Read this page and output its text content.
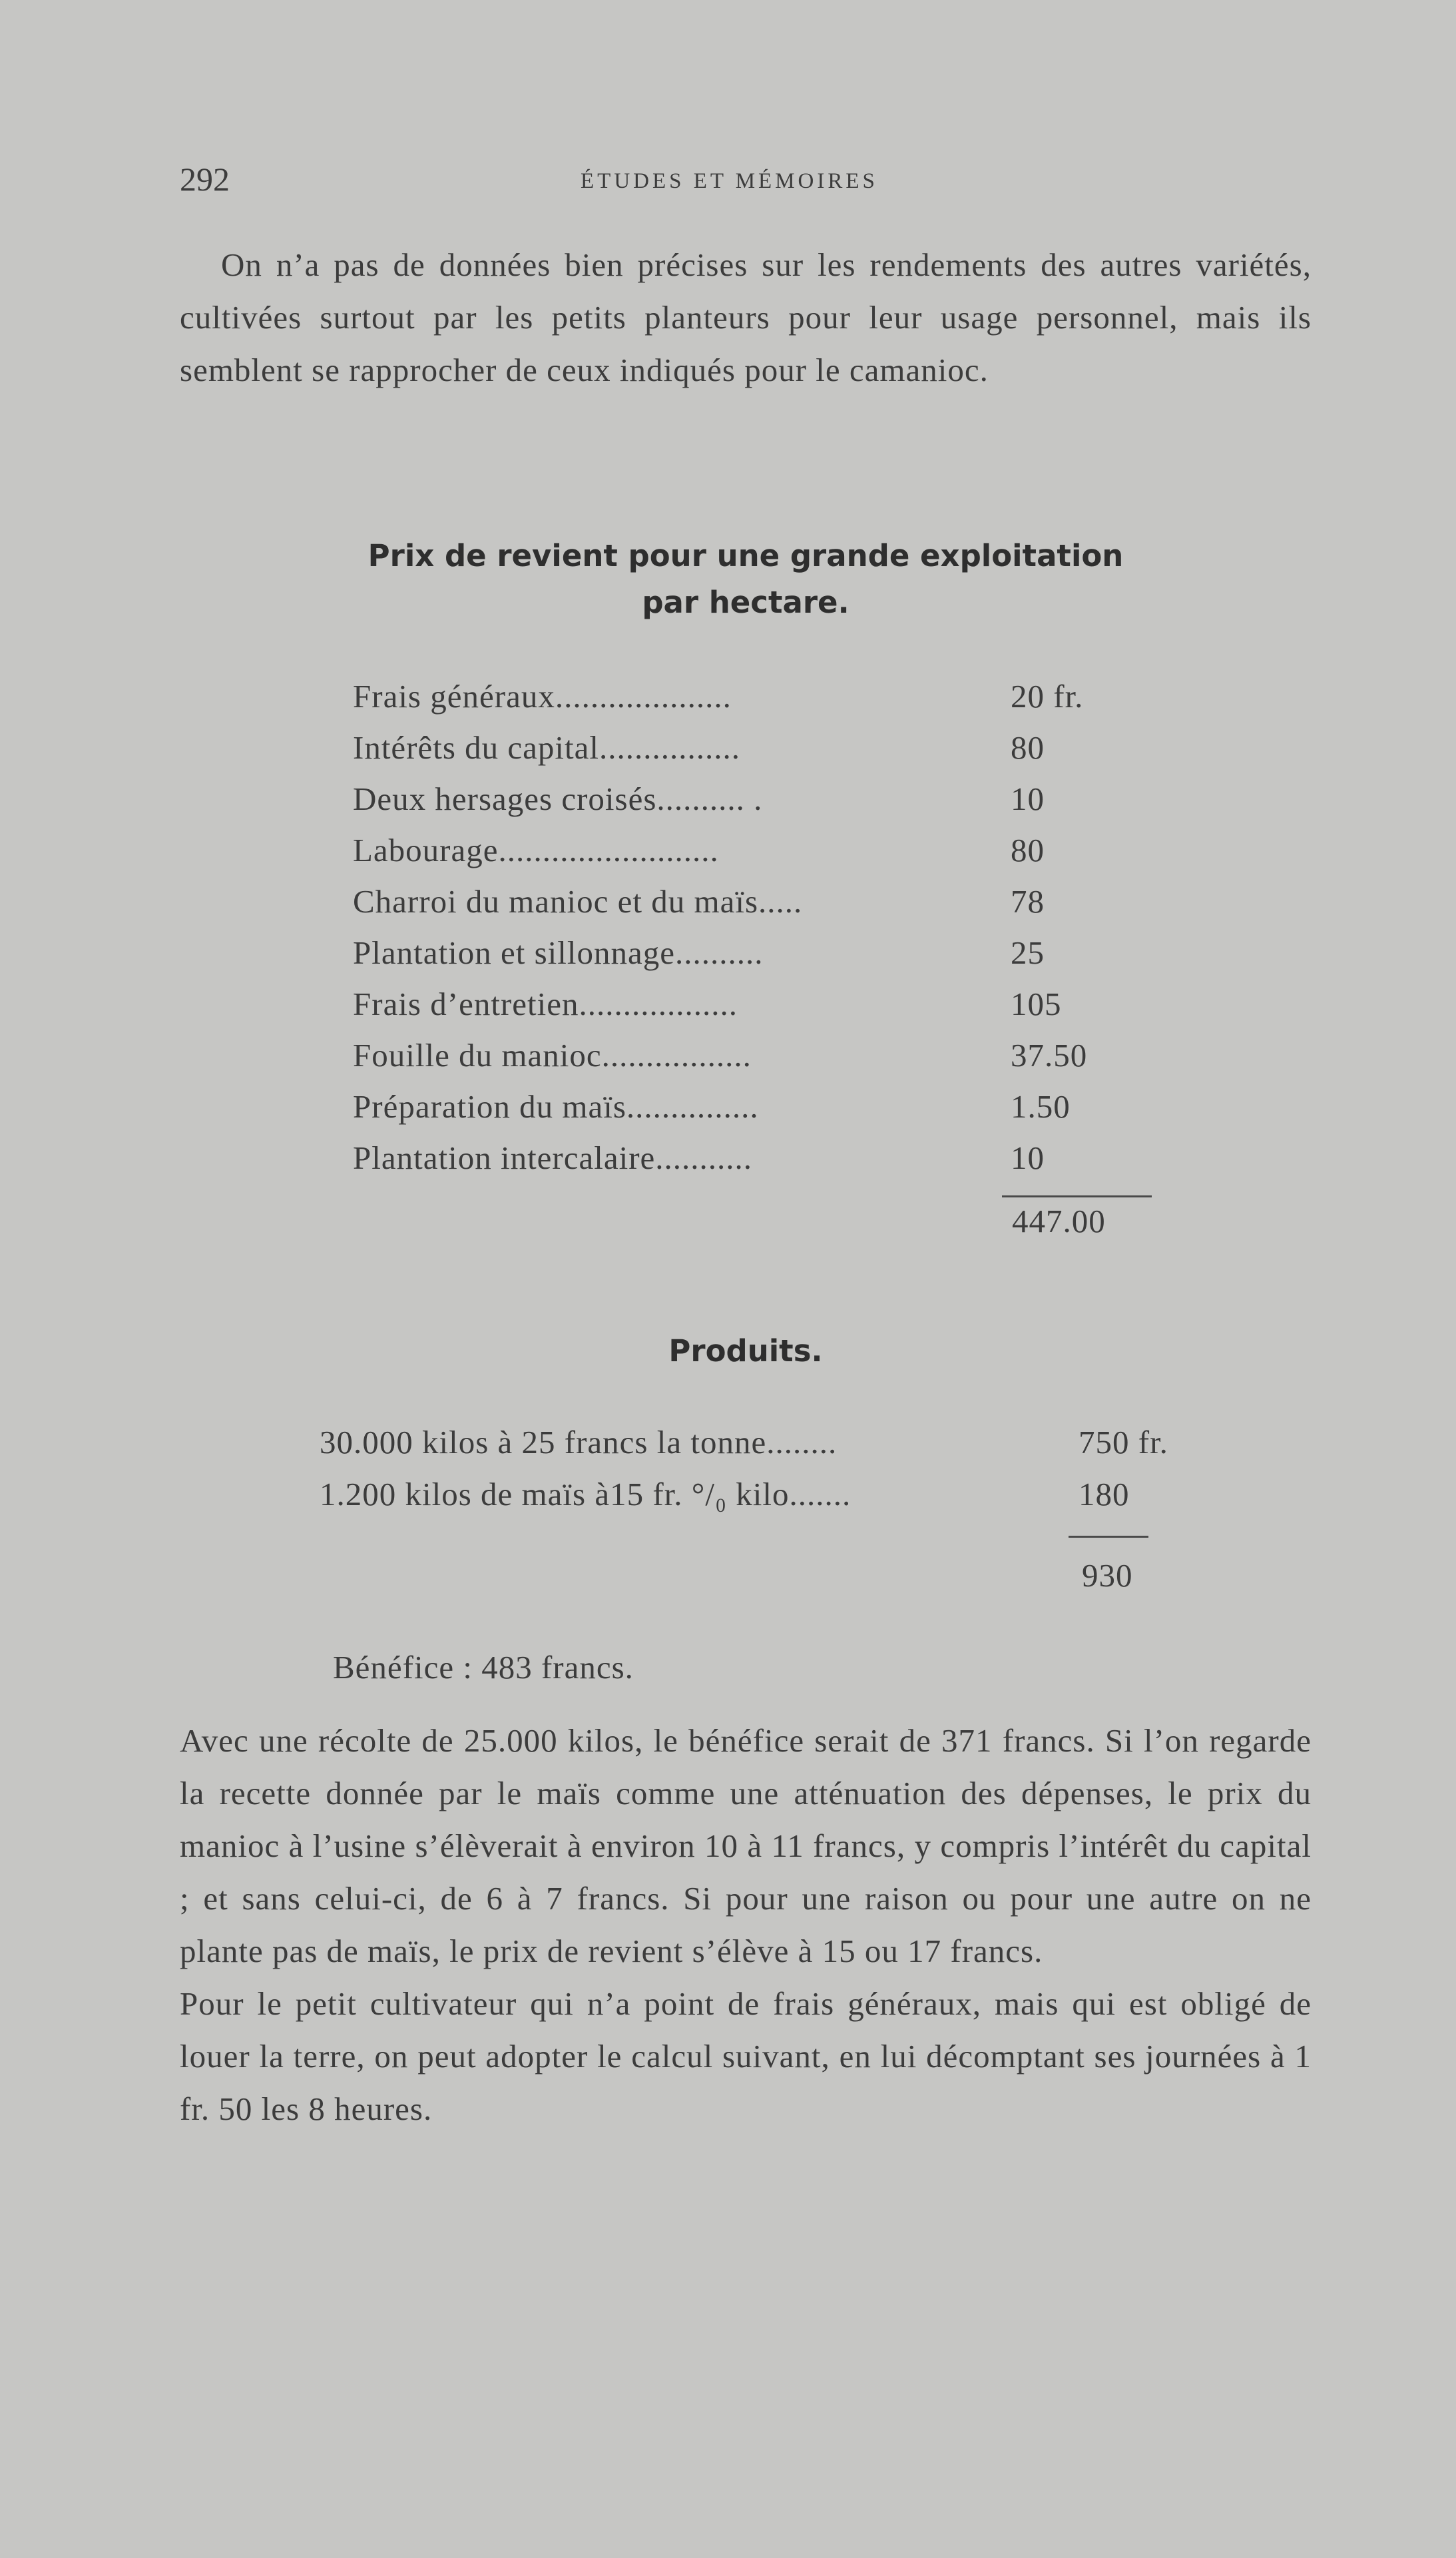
292	ÉTUDES ET MÉMOIRES

On n’a pas de données bien précises sur les rendements des autres variétés, cultivées surtout par les petits planteurs pour leur usage personnel, mais ils semblent se rapprocher de ceux indiqués pour le camanioc.

Prix de revient pour une grande exploitation
par hectare.
Frais généraux....................	20 fr.
Intérêts du capital................	80
Deux hersages croisés.......... .	10
Labourage.........................	80
Charroi du manioc et du maïs.....	78
Plantation et sillonnage..........	25
Frais d’entretien..................	105
Fouille du manioc.................	37.50
Préparation du maïs...............	1.50
Plantation intercalaire...........	10
447.00
Produits.
30.000 kilos à 25 francs la tonne........	750 fr.
1.200 kilos de maïs à15 fr. °/₀ kilo.......	180
930
Bénéfice : 483 francs.

Avec une récolte de 25.000 kilos, le bénéfice serait de 371 francs. Si l’on regarde la recette donnée par le maïs comme une atténuation des dépenses, le prix du manioc à l’usine s’élèverait à environ 10 à 11 francs, y compris l’intérêt du capital ; et sans celui-ci, de 6 à 7 francs. Si pour une raison ou pour une autre on ne plante pas de maïs, le prix de revient s’élève à 15 ou 17 francs.

Pour le petit cultivateur qui n’a point de frais généraux, mais qui est obligé de louer la terre, on peut adopter le calcul suivant, en lui décomptant ses journées à 1 fr. 50 les 8 heures.
